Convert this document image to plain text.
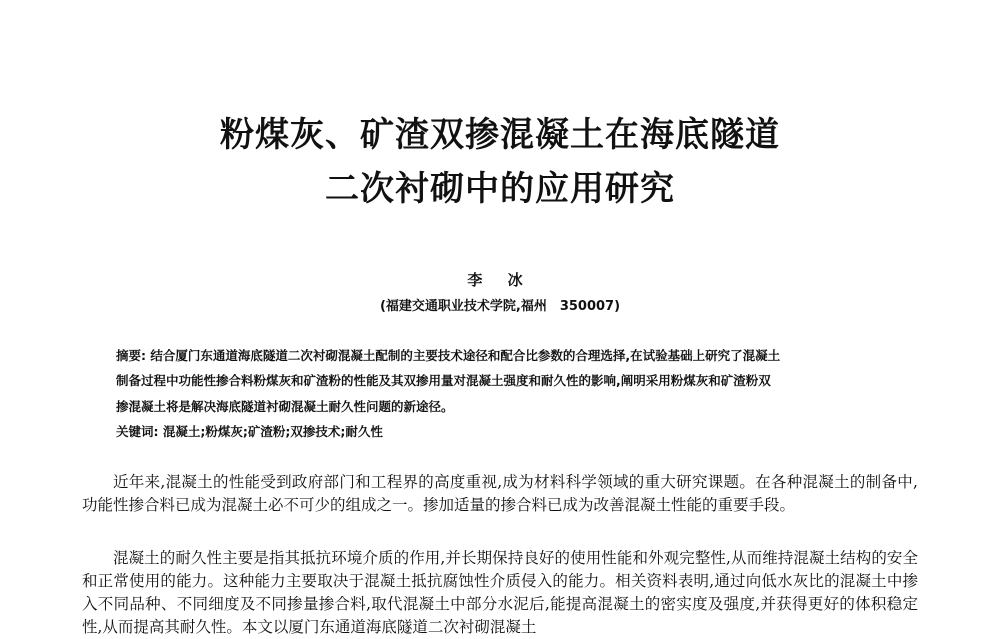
粉煤灰、矿渣双掺混凝土在海底隧道
二次衬砌中的应用研究
李 冰
(福建交通职业技术学院,福州　350007)
摘要: 结合厦门东通道海底隧道二次衬砌混凝土配制的主要技术途径和配合比参数的合理选择,在试验基础上研究了混凝土
制备过程中功能性掺合料粉煤灰和矿渣粉的性能及其双掺用量对混凝土强度和耐久性的影响,阐明采用粉煤灰和矿渣粉双
掺混凝土将是解决海底隧道衬砌混凝土耐久性问题的新途径。
关键词: 混凝土;粉煤灰;矿渣粉;双掺技术;耐久性

近年来,混凝土的性能受到政府部门和工程界的高度重视,成为材料科学领域的重大研究课题。在各种混凝土的制备中,功能性掺合料已成为混凝土必不可少的组成之一。掺加适量的掺合料已成为改善混凝土性能的重要手段。

混凝土的耐久性主要是指其抵抗环境介质的作用,并长期保持良好的使用性能和外观完整性,从而维持混凝土结构的安全和正常使用的能力。这种能力主要取决于混凝土抵抗腐蚀性介质侵入的能力。相关资料表明,通过向低水灰比的混凝土中掺入不同品种、不同细度及不同掺量掺合料,取代混凝土中部分水泥后,能提高混凝土的密实度及强度,并获得更好的体积稳定性,从而提高其耐久性。本文以厦门东通道海底隧道二次衬砌混凝土
